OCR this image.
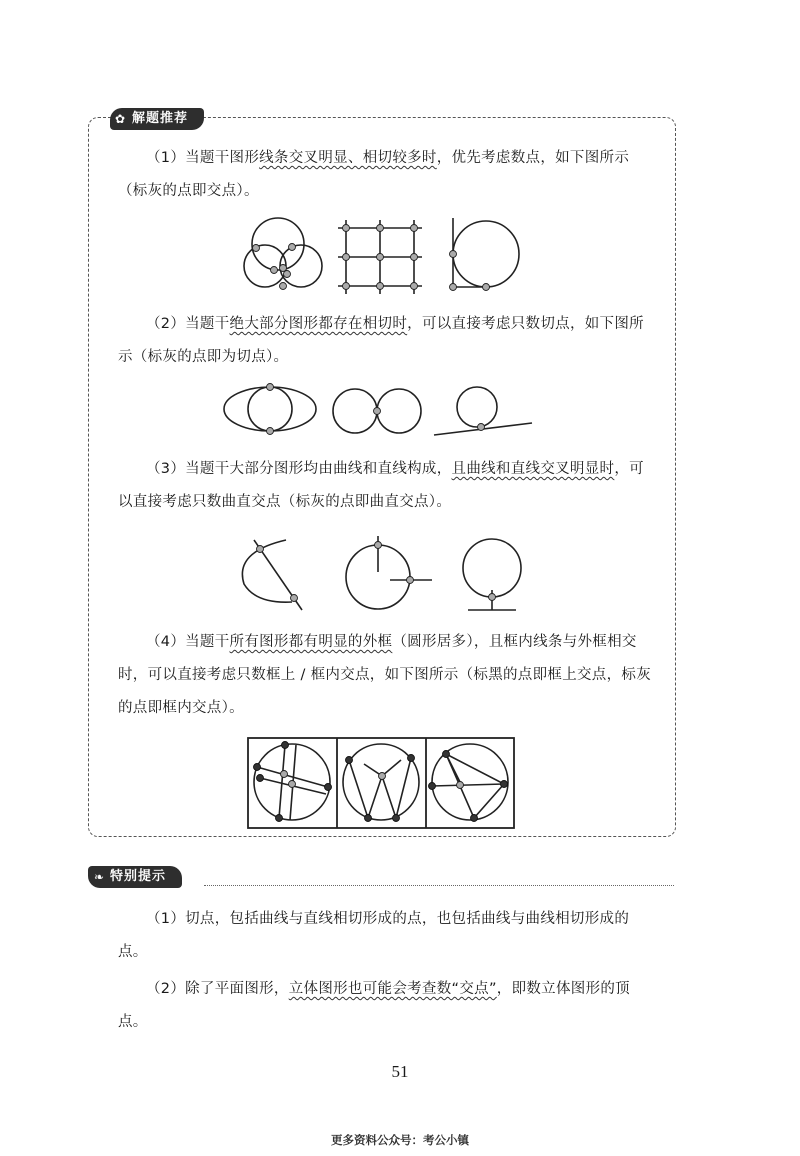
✿ 解题推荐

（1）当题干图形线条交叉明显、相切较多时，优先考虑数点，如下图所示（标灰的点即交点）。

（2）当题干绝大部分图形都存在相切时，可以直接考虑只数切点，如下图所示（标灰的点即为切点）。

（3）当题干大部分图形均由曲线和直线构成，且曲线和直线交叉明显时，可以直接考虑只数曲直交点（标灰的点即曲直交点）。

（4）当题干所有图形都有明显的外框（圆形居多），且框内线条与外框相交时，可以直接考虑只数框上 / 框内交点，如下图所示（标黑的点即框上交点，标灰的点即框内交点）。

❧ 特别提示

（1）切点，包括曲线与直线相切形成的点，也包括曲线与曲线相切形成的点。

（2）除了平面图形，立体图形也可能会考查数“交点”，即数立体图形的顶点。

51
更多资料公众号：考公小镇
